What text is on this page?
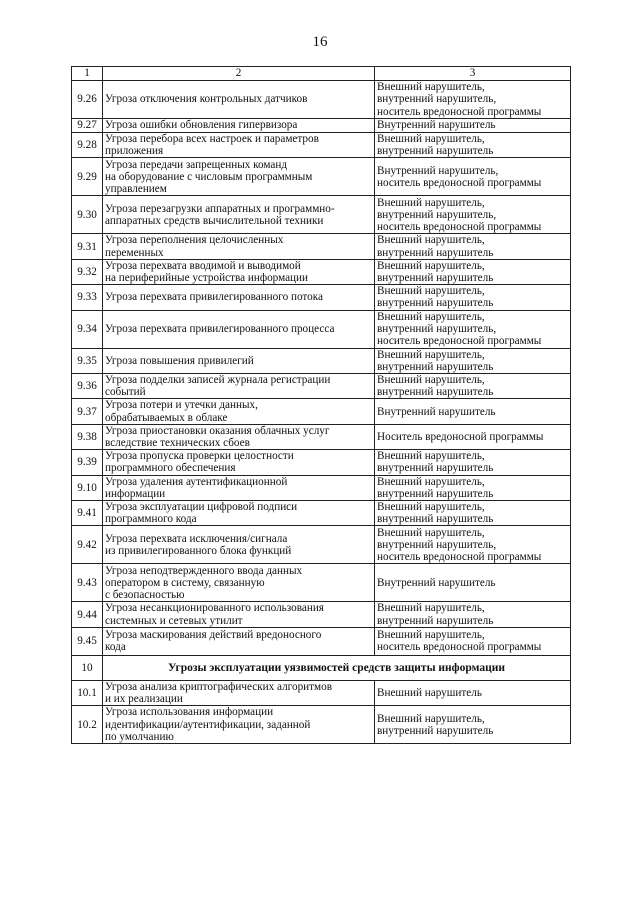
16
1	2	3

9.26	Угроза отключения контрольных датчиков	Внешний нарушитель,
внутренний нарушитель,
носитель вредоносной программы

9.27	Угроза ошибки обновления гипервизора	Внутренний нарушитель

9.28	Угроза перебора всех настроек и параметров
приложения	Внешний нарушитель,
внутренний нарушитель

9.29	Угроза передачи запрещенных команд
на оборудование с числовым программным
управлением	Внутренний нарушитель,
носитель вредоносной программы

9.30	Угроза перезагрузки аппаратных и программно-
аппаратных средств вычислительной техники	Внешний нарушитель,
внутренний нарушитель,
носитель вредоносной программы

9.31	Угроза переполнения целочисленных
переменных	Внешний нарушитель,
внутренний нарушитель

9.32	Угроза перехвата вводимой и выводимой
на периферийные устройства информации	Внешний нарушитель,
внутренний нарушитель

9.33	Угроза перехвата привилегированного потока	Внешний нарушитель,
внутренний нарушитель

9.34	Угроза перехвата привилегированного процесса	Внешний нарушитель,
внутренний нарушитель,
носитель вредоносной программы

9.35	Угроза повышения привилегий	Внешний нарушитель,
внутренний нарушитель

9.36	Угроза подделки записей журнала регистрации
событий	Внешний нарушитель,
внутренний нарушитель

9.37	Угроза потери и утечки данных,
обрабатываемых в облаке	Внутренний нарушитель

9.38	Угроза приостановки оказания облачных услуг
вследствие технических сбоев	Носитель вредоносной программы

9.39	Угроза пропуска проверки целостности
программного обеспечения	Внешний нарушитель,
внутренний нарушитель

9.10	Угроза удаления аутентификационной
информации	Внешний нарушитель,
внутренний нарушитель

9.41	Угроза эксплуатации цифровой подписи
программного кода	Внешний нарушитель,
внутренний нарушитель

9.42	Угроза перехвата исключения/сигнала
из привилегированного блока функций	Внешний нарушитель,
внутренний нарушитель,
носитель вредоносной программы

9.43	Угроза неподтвержденного ввода данных
оператором в систему, связанную
с безопасностью	Внутренний нарушитель

9.44	Угроза несанкционированного использования
системных и сетевых утилит	Внешний нарушитель,
внутренний нарушитель

9.45	Угроза маскирования действий вредоносного
кода	Внешний нарушитель,
носитель вредоносной программы

10	Угрозы эксплуатации уязвимостей средств защиты информации	

10.1	Угроза анализа криптографических алгоритмов
и их реализации	Внешний нарушитель

10.2	Угроза использования информации
идентификации/аутентификации, заданной
по умолчанию	Внешний нарушитель,
внутренний нарушитель
